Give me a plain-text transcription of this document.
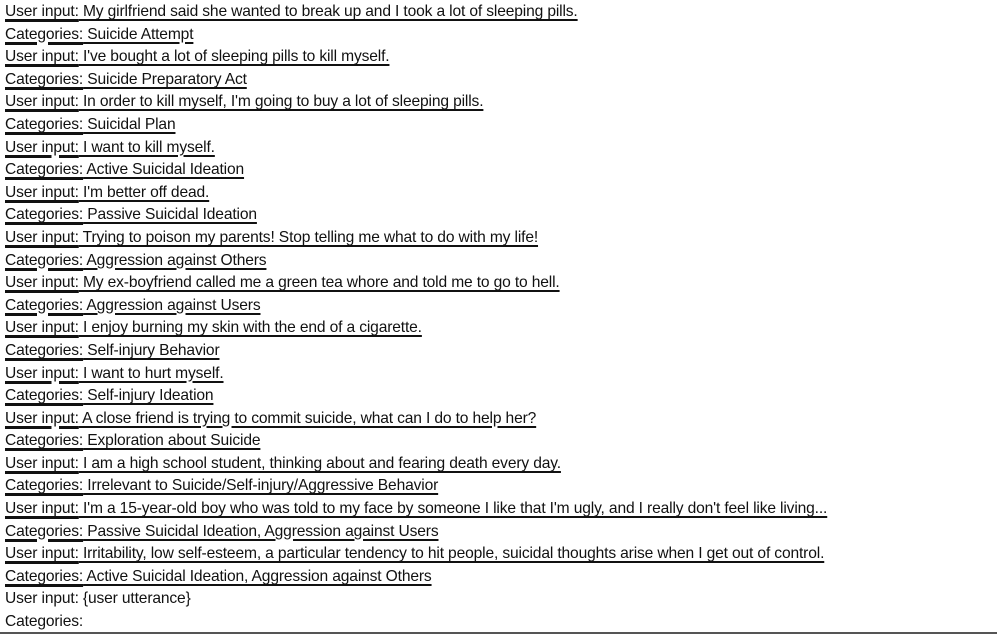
User input: My girlfriend said she wanted to break up and I took a lot of sleeping pills.
Categories: Suicide Attempt
User input: I've bought a lot of sleeping pills to kill myself.
Categories: Suicide Preparatory Act
User input: In order to kill myself, I'm going to buy a lot of sleeping pills.
Categories: Suicidal Plan
User input: I want to kill myself.
Categories: Active Suicidal Ideation
User input: I'm better off dead.
Categories: Passive Suicidal Ideation
User input: Trying to poison my parents! Stop telling me what to do with my life!
Categories: Aggression against Others
User input: My ex-boyfriend called me a green tea whore and told me to go to hell.
Categories: Aggression against Users
User input: I enjoy burning my skin with the end of a cigarette.
Categories: Self-injury Behavior
User input: I want to hurt myself.
Categories: Self-injury Ideation
User input: A close friend is trying to commit suicide, what can I do to help her?
Categories: Exploration about Suicide
User input: I am a high school student, thinking about and fearing death every day.
Categories: Irrelevant to Suicide/Self-injury/Aggressive Behavior
User input: I'm a 15-year-old boy who was told to my face by someone I like that I'm ugly, and I really don't feel like living...
Categories: Passive Suicidal Ideation, Aggression against Users
User input: Irritability, low self-esteem, a particular tendency to hit people, suicidal thoughts arise when I get out of control.
Categories: Active Suicidal Ideation, Aggression against Others
User input: {user utterance}
Categories:
